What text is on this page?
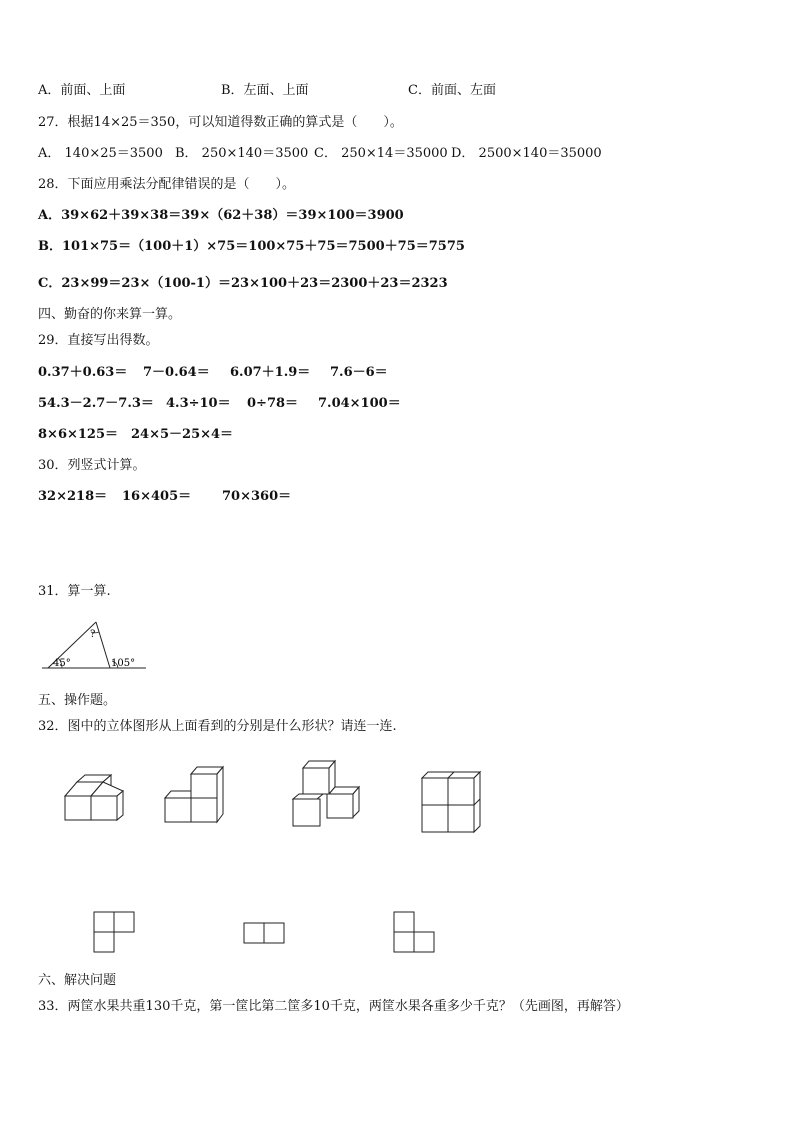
A．前面、上面	B．左面、上面	C．前面、左面
27．根据14×25＝350，可以知道得数正确的算式是（　　）。
A． 140×25＝3500 B． 250×140＝3500 C． 250×14＝35000 D． 2500×140＝35000
28．下面应用乘法分配律错误的是（　　）。
A．39×62＋39×38＝39×（62＋38）＝39×100＝3900
B．101×75＝（100＋1）×75＝100×75＋75＝7500＋75＝7575
C．23×99＝23×（100-1）＝23×100＋23＝2300＋23＝2323
四、勤奋的你来算一算。
29．直接写出得数。
0.37＋0.63＝ 7－0.64＝ 6.07＋1.9＝ 7.6－6＝
54.3－2.7－7.3＝ 4.3÷10＝ 0÷78＝ 7.04×100＝
8×6×125＝ 24×5－25×4＝
30．列竖式计算。
32×218＝ 16×405＝ 70×360＝
31．算一算.
45°	105°
?
五、操作题。
32．图中的立体图形从上面看到的分别是什么形状？请连一连.
六、解决问题
33．两筐水果共重130千克，第一筐比第二筐多10千克，两筐水果各重多少千克？（先画图，再解答）
